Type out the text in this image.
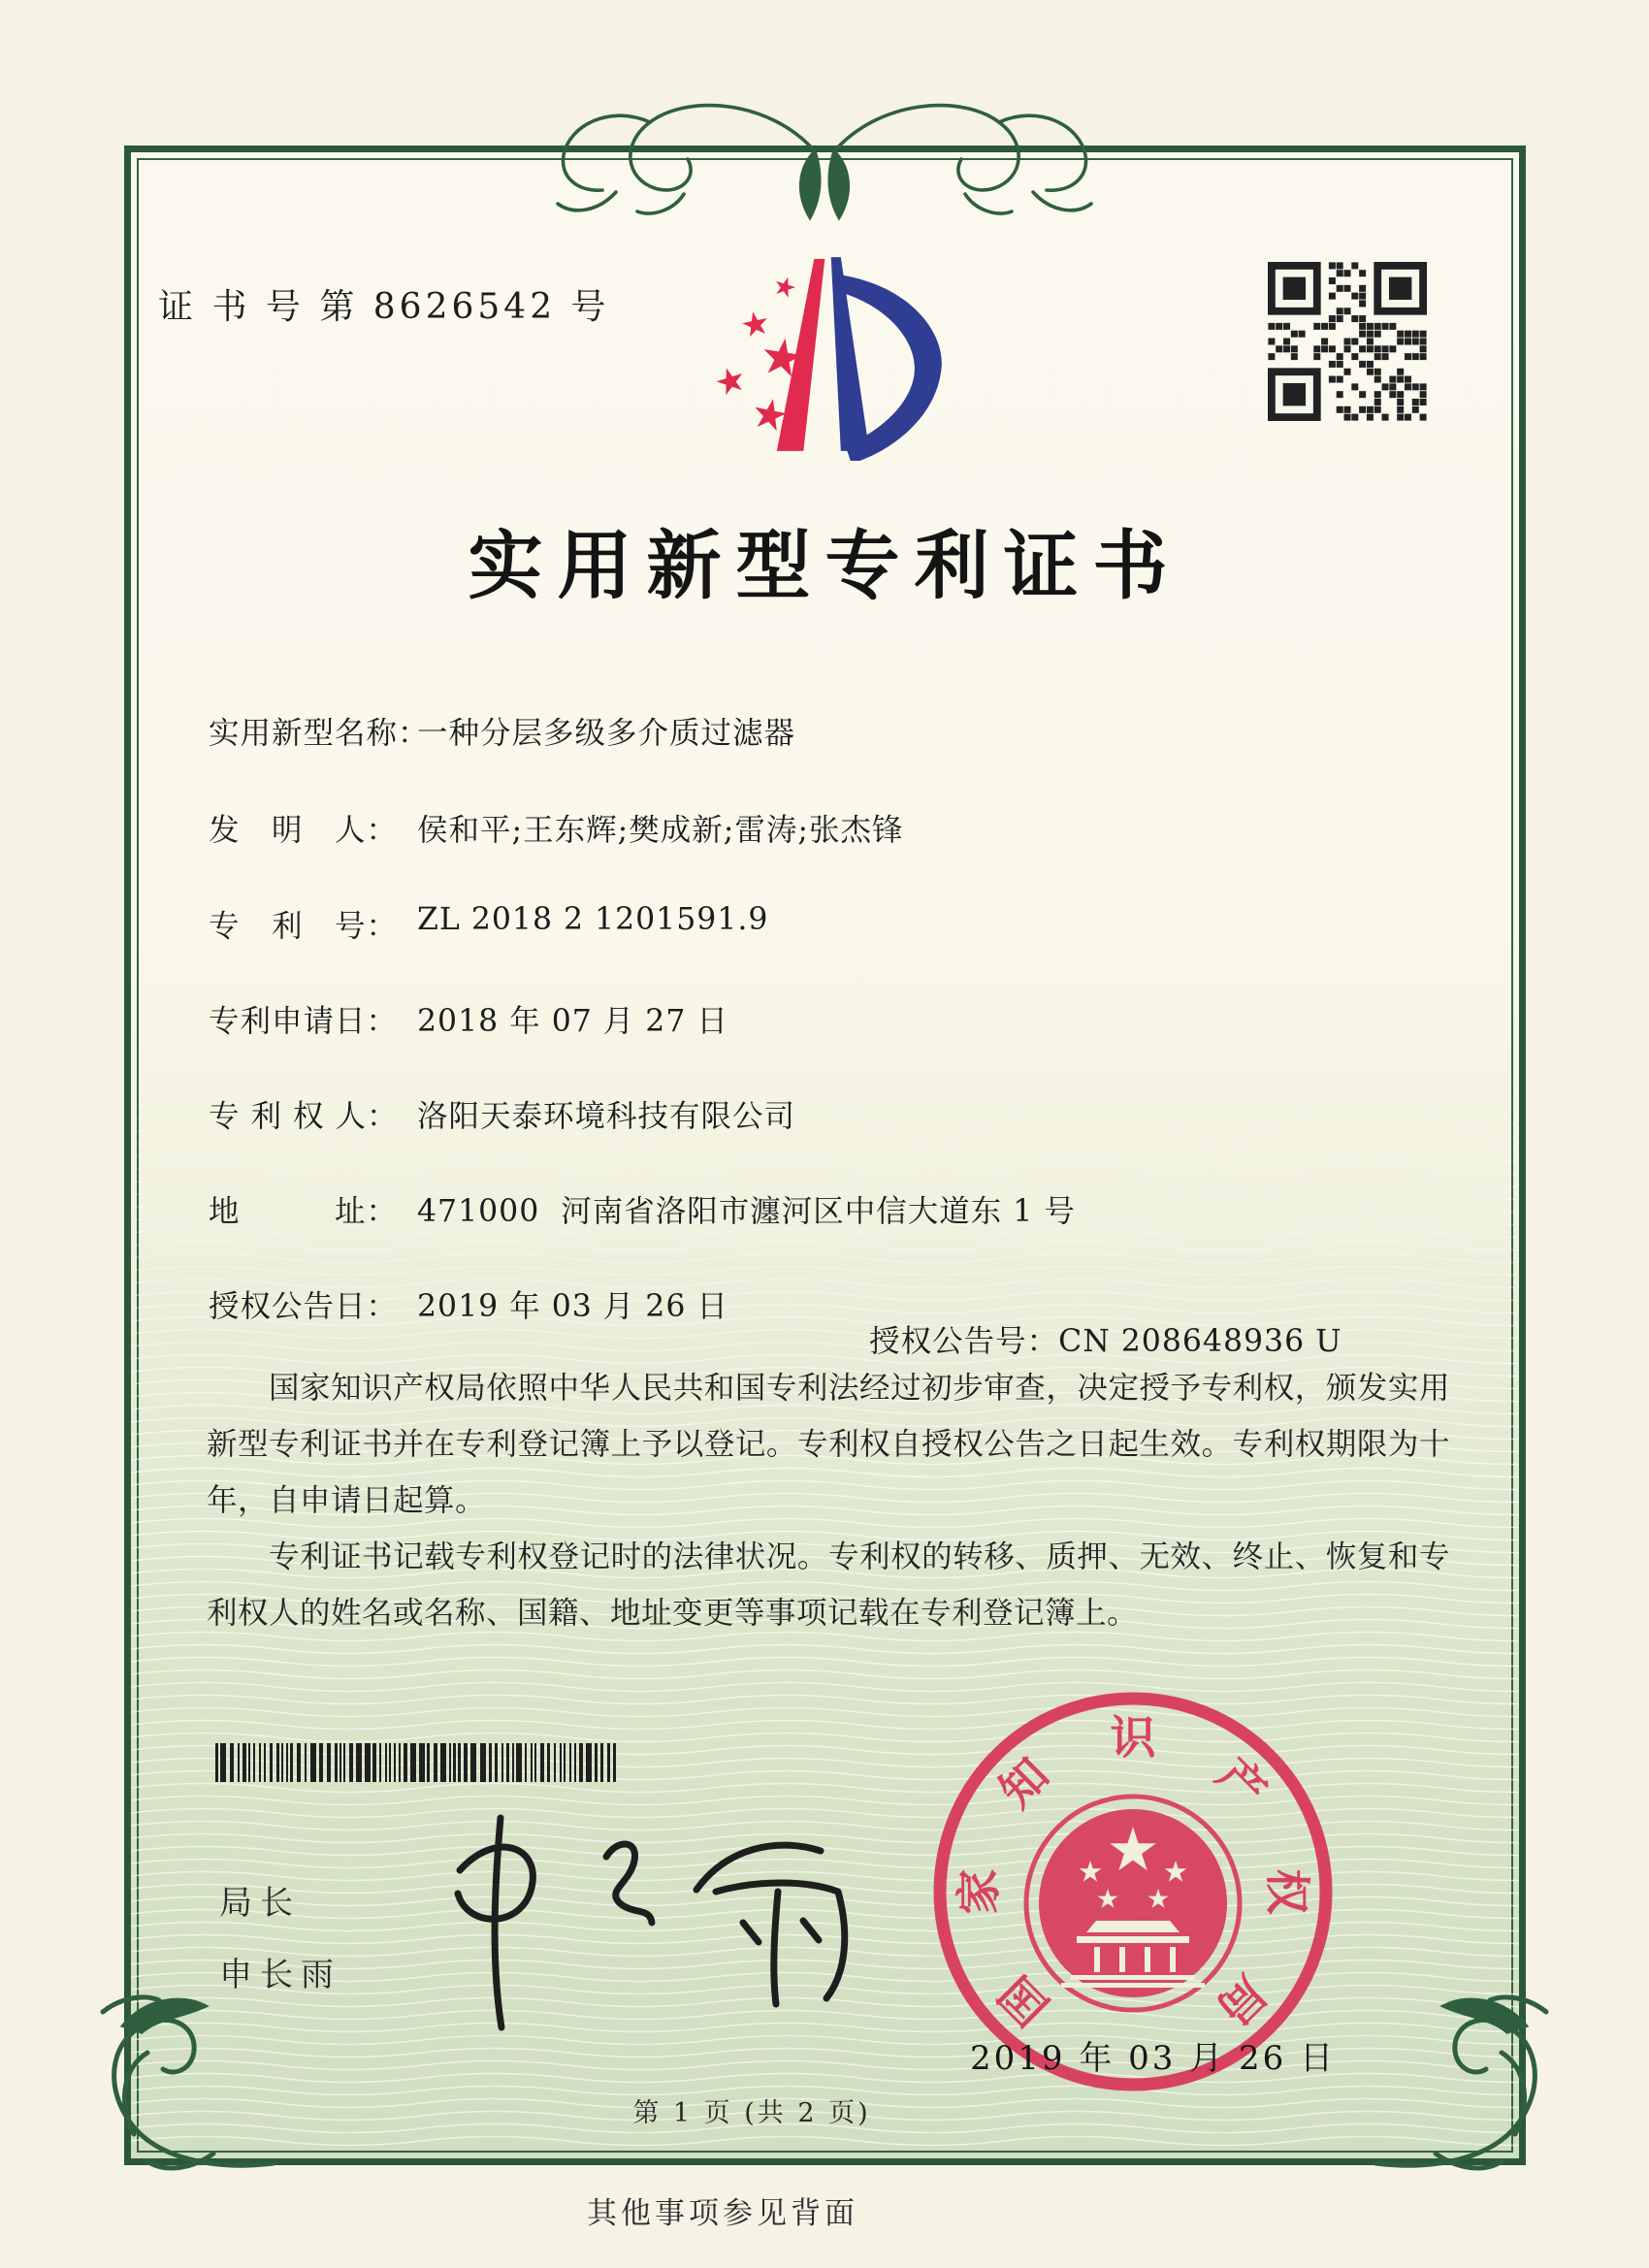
证 书 号 第 8626542 号
实用新型专利证书
实用新型名称：
一种分层多级多介质过滤器
发　明　人： 侯和平;王东辉;樊成新;雷涛;张杰锋
专　利　号： ZL 2018 2 1201591.9
专利申请日： 2018 年 07 月 27 日
专 利 权 人： 洛阳天泰环境科技有限公司
地　　　址： 471000  河南省洛阳市瀍河区中信大道东 1 号
授权公告日： 2019 年 03 月 26 日

授权公告号：CN 208648936 U

国家知识产权局依照中华人民共和国专利法经过初步审查，决定授予专利权，颁发实用新型专利证书并在专利登记簿上予以登记。专利权自授权公告之日起生效。专利权期限为十年，自申请日起算。

专利证书记载专利权登记时的法律状况。专利权的转移、质押、无效、终止、恢复和专利权人的姓名或名称、国籍、地址变更等事项记载在专利登记簿上。

局长
申长雨	国
家
知
识
产
权
局
2019 年 03 月 26 日
第 1 页 (共 2 页)
其他事项参见背面
